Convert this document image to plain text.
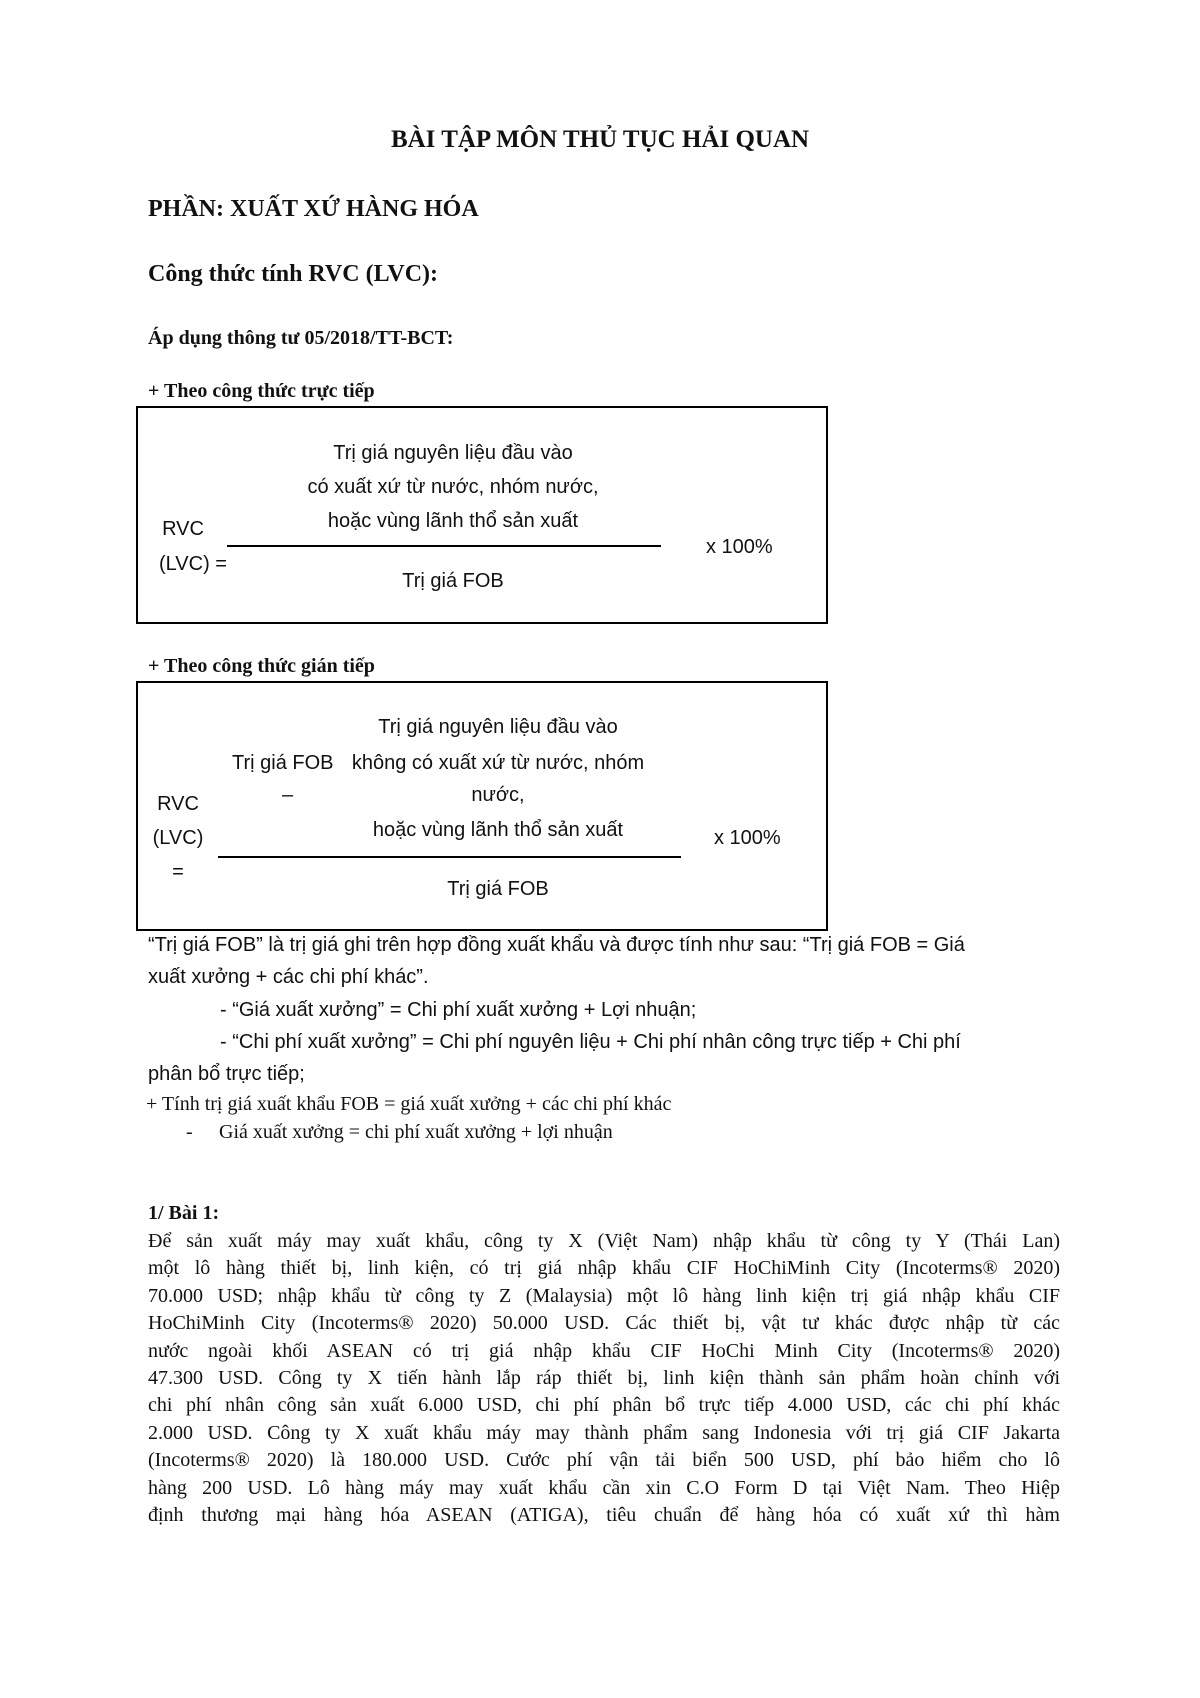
BÀI TẬP MÔN THỦ TỤC HẢI QUAN
PHẦN: XUẤT XỨ HÀNG HÓA
Công thức tính RVC (LVC):
Áp dụng thông tư 05/2018/TT-BCT:
+ Theo công thức trực tiếp
RVC
(LVC) =
Trị giá nguyên liệu đầu vào
có xuất xứ từ nước, nhóm nước,
hoặc vùng lãnh thổ sản xuất
Trị giá FOB
x 100%
+ Theo công thức gián tiếp
RVC
(LVC)
=
Trị giá FOB
–
Trị giá nguyên liệu đầu vào
không có xuất xứ từ nước, nhóm
nước,
hoặc vùng lãnh thổ sản xuất
Trị giá FOB
x 100%
“Trị giá FOB” là trị giá ghi trên hợp đồng xuất khẩu và được tính như sau: “Trị giá FOB = Giá
xuất xưởng + các chi phí khác”.
- “Giá xuất xưởng” = Chi phí xuất xưởng + Lợi nhuận;
- “Chi phí xuất xưởng” = Chi phí nguyên liệu + Chi phí nhân công trực tiếp + Chi phí
phân bổ trực tiếp;
+ Tính trị giá xuất khẩu FOB = giá xuất xưởng + các chi phí khác
- Giá xuất xưởng = chi phí xuất xưởng + lợi nhuận
1/ Bài 1:
Để sản xuất máy may xuất khẩu, công ty X (Việt Nam) nhập khẩu từ công ty Y (Thái Lan)
một lô hàng thiết bị, linh kiện, có trị giá nhập khẩu CIF HoChiMinh City (Incoterms® 2020)
70.000 USD; nhập khẩu từ công ty Z (Malaysia) một lô hàng linh kiện trị giá nhập khẩu CIF
HoChiMinh City (Incoterms® 2020) 50.000 USD. Các thiết bị, vật tư khác được nhập từ các
nước ngoài khối ASEAN có trị giá nhập khẩu CIF HoChi Minh City (Incoterms® 2020)
47.300 USD. Công ty X tiến hành lắp ráp thiết bị, linh kiện thành sản phẩm hoàn chỉnh với
chi phí nhân công sản xuất 6.000 USD, chi phí phân bổ trực tiếp 4.000 USD, các chi phí khác
2.000 USD. Công ty X xuất khẩu máy may thành phẩm sang Indonesia với trị giá CIF Jakarta
(Incoterms® 2020) là 180.000 USD. Cước phí vận tải biển 500 USD, phí bảo hiểm cho lô
hàng 200 USD. Lô hàng máy may xuất khẩu cần xin C.O Form D tại Việt Nam. Theo Hiệp
định thương mại hàng hóa ASEAN (ATIGA), tiêu chuẩn để hàng hóa có xuất xứ thì hàm
